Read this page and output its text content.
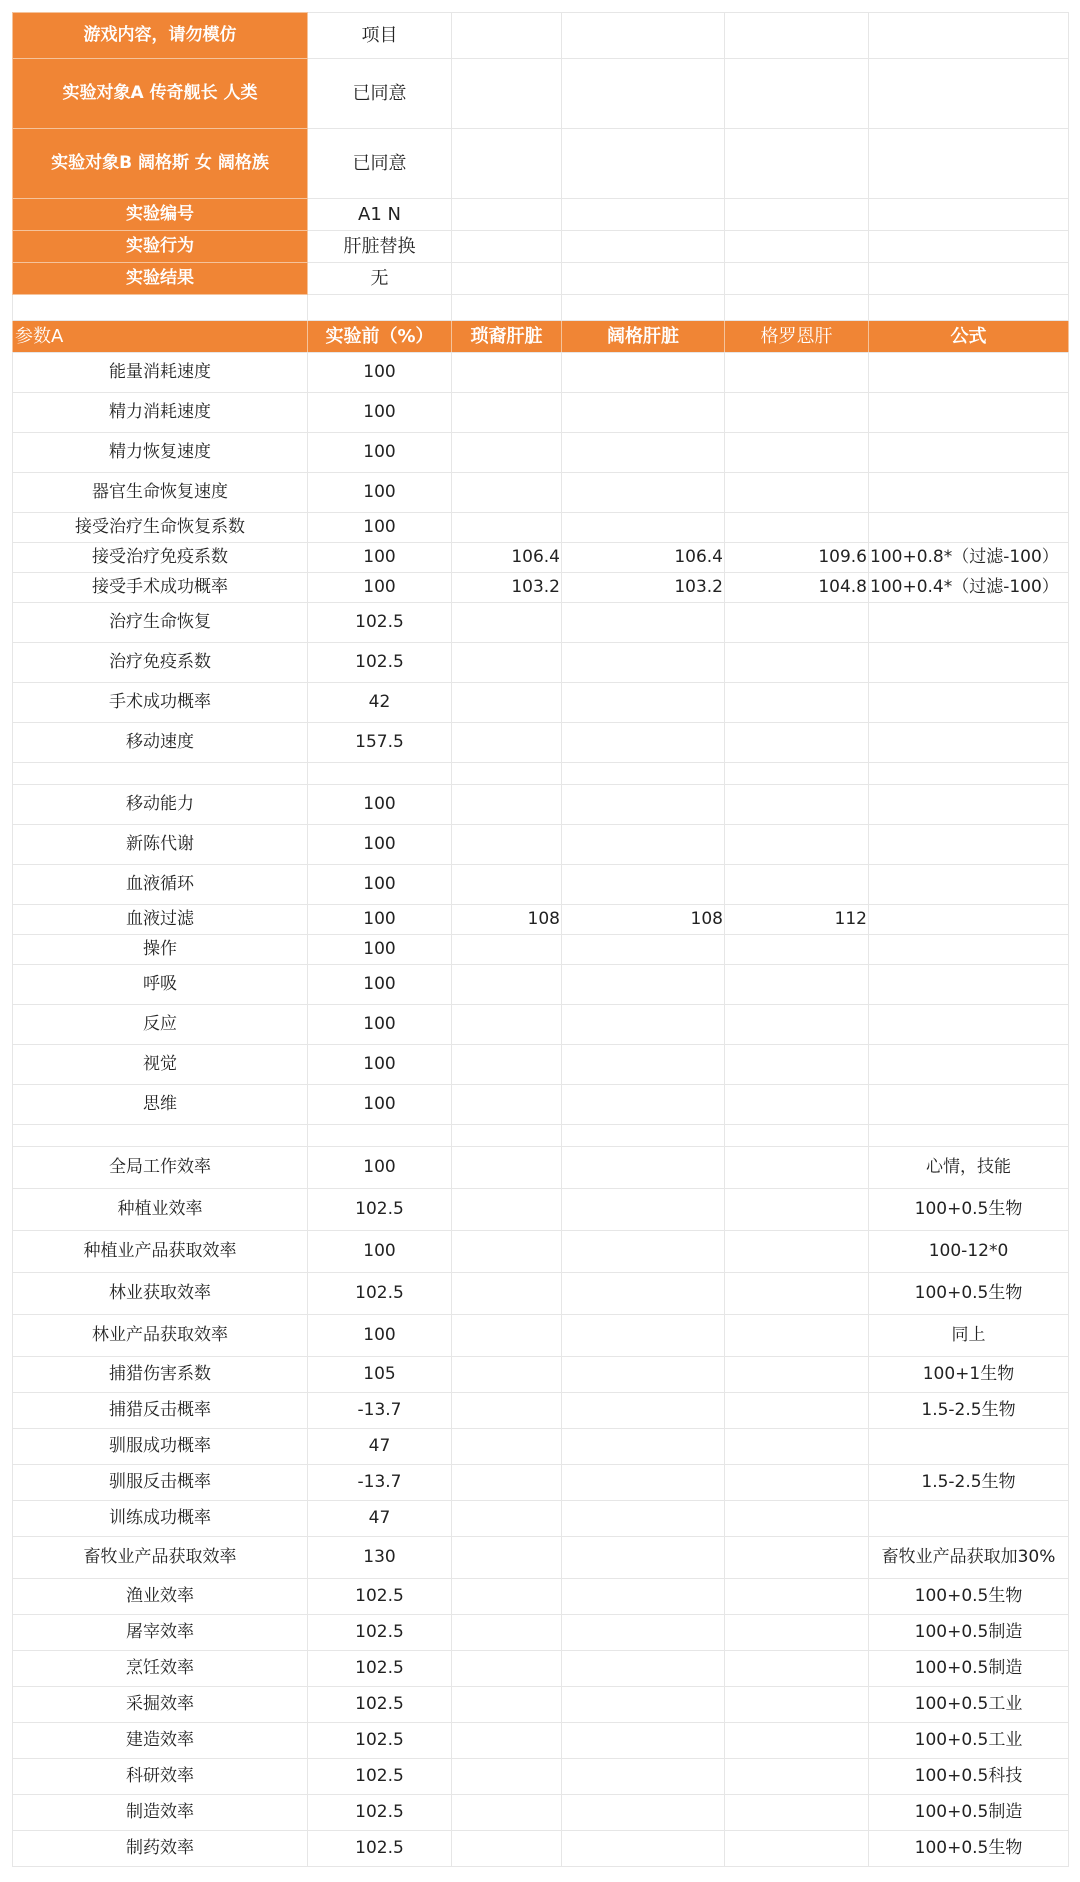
游戏内容，请勿模仿	项目				
实验对象A 传奇舰长 人类	已同意				
实验对象B 阔格斯 女 阔格族	已同意				
实验编号	A1 N				
实验行为	肝脏替换				
实验结果	无				

参数A	实验前（%）	琐裔肝脏	阔格肝脏	格罗恩肝	公式
能量消耗速度	100				
精力消耗速度	100				
精力恢复速度	100				
器官生命恢复速度	100				
接受治疗生命恢复系数	100				
接受治疗免疫系数	100	106.4	106.4	109.6	100+0.8*（过滤-100）
接受手术成功概率	100	103.2	103.2	104.8	100+0.4*（过滤-100）
治疗生命恢复	102.5				
治疗免疫系数	102.5				
手术成功概率	42				
移动速度	157.5				

移动能力	100				
新陈代谢	100				
血液循环	100				
血液过滤	100	108	108	112	
操作	100				
呼吸	100				
反应	100				
视觉	100				
思维	100				

全局工作效率	100				心情，技能
种植业效率	102.5				100+0.5生物
种植业产品获取效率	100				100-12*0
林业获取效率	102.5				100+0.5生物
林业产品获取效率	100				同上
捕猎伤害系数	105				100+1生物
捕猎反击概率	-13.7				1.5-2.5生物
驯服成功概率	47				
驯服反击概率	-13.7				1.5-2.5生物
训练成功概率	47				
畜牧业产品获取效率	130				畜牧业产品获取加30%
渔业效率	102.5				100+0.5生物
屠宰效率	102.5				100+0.5制造
烹饪效率	102.5				100+0.5制造
采掘效率	102.5				100+0.5工业
建造效率	102.5				100+0.5工业
科研效率	102.5				100+0.5科技
制造效率	102.5				100+0.5制造
制药效率	102.5				100+0.5生物
